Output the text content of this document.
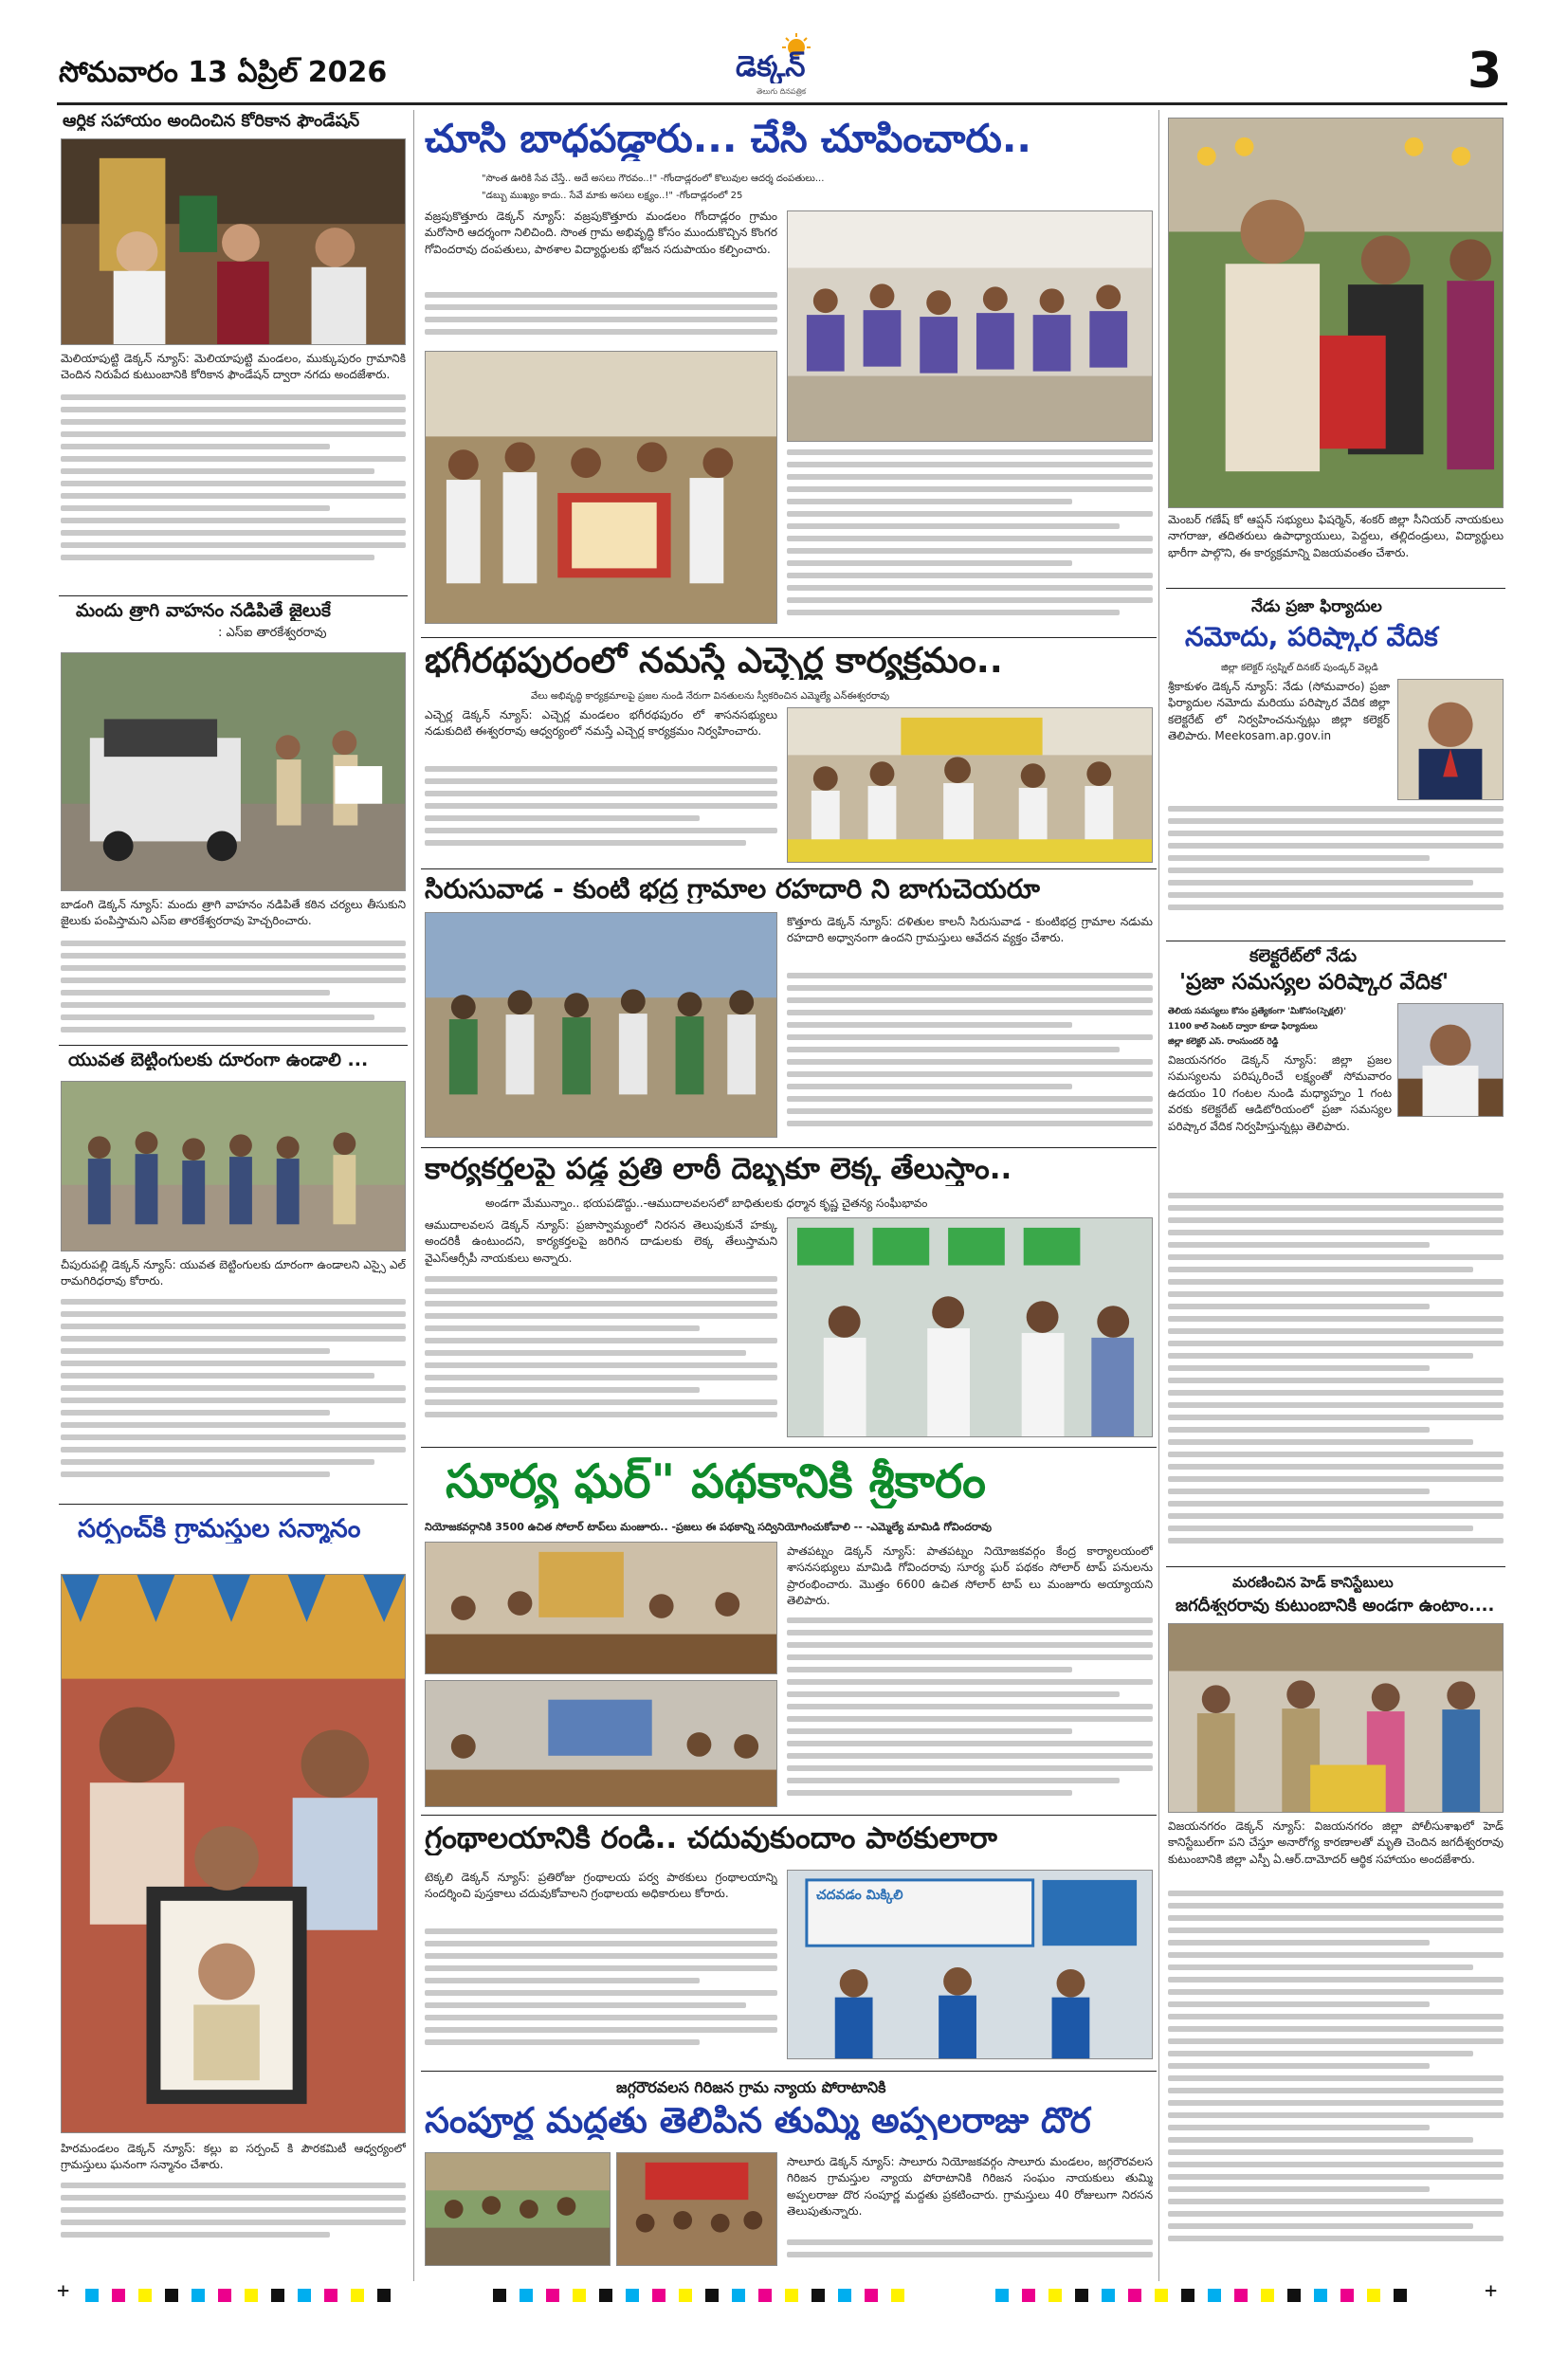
సోమవారం 13 ఏప్రిల్ 2026	డెక్కన్
తెలుగు దినపత్రిక	3
ఆర్థిక సహాయం అందించిన కోరికాన ఫౌండేషన్
మెలియాపుట్టి డెక్కన్ న్యూస్: మెలియాపుట్టి మండలం, ముక్కుపురం గ్రామానికి చెందిన నిరుపేద కుటుంబానికి కోరికాన ఫౌండేషన్ ద్వారా నగదు అందజేశారు.
మందు త్రాగి వాహనం నడిపితే జైలుకే
: ఎస్ఐ తారకేశ్వరరావు
బాడంగి డెక్కన్ న్యూస్: మందు త్రాగి వాహనం నడిపితే కఠిన చర్యలు తీసుకుని జైలుకు పంపిస్తామని ఎస్ఐ తారకేశ్వరరావు హెచ్చరించారు.
యువత బెట్టింగులకు దూరంగా ఉండాలి ...
చీపురుపల్లి డెక్కన్ న్యూస్: యువత బెట్టింగులకు దూరంగా ఉండాలని ఎస్సై ఎల్ రామగిరిధరావు కోరారు.
సర్పంచ్‌కి గ్రామస్తుల సన్మానం
హిరమండలం డెక్కన్ న్యూస్: కల్లు ఐ సర్పంచ్ కి పౌరకమిటీ ఆధ్వర్యంలో గ్రామస్తులు ఘనంగా సన్మానం చేశారు.
చూసి బాధపడ్డారు... చేసి చూపించారు..
"సొంత ఊరికి సేవ చేస్తే.. అదే అసలు గౌరవం..!" -గోందాడ్లరంలో కొలువుల ఆదర్శ దంపతులు...
"డబ్బు ముఖ్యం కాదు.. సేవే మాకు అసలు లక్ష్యం..!" -గోందాడ్లరంలో 25
వజ్రపుకొత్తూరు డెక్కన్ న్యూస్: వజ్రపుకొత్తూరు మండలం గోందాడ్లరం గ్రామం మరోసారి ఆదర్శంగా నిలిచింది. సొంత గ్రామ అభివృద్ధి కోసం ముందుకొచ్చిన కొంగర గోవిందరావు దంపతులు, పాఠశాల విద్యార్థులకు భోజన సదుపాయం కల్పించారు.
భగీరథపురంలో నమస్తే ఎచ్చెర్ల కార్యక్రమం..
వేలు అభివృద్ధి కార్యక్రమాలపై ప్రజల నుండి నేరుగా వినతులను స్వీకరించిన ఎమ్మెల్యే ఎన్ఈశ్వరరావు
ఎచ్చెర్ల డెక్కన్ న్యూస్: ఎచ్చెర్ల మండలం భగీరథపురం లో శాసనసభ్యులు నడుకుదిటి ఈశ్వరరావు ఆధ్వర్యంలో నమస్తే ఎచ్చెర్ల కార్యక్రమం నిర్వహించారు.
సిరుసువాడ - కుంటి భద్ర గ్రామాల రహదారి ని బాగుచెయరూ
కొత్తూరు డెక్కన్ న్యూస్: దళితుల కాలనీ సిరుసువాడ - కుంటిభద్ర గ్రామాల నడుమ రహదారి అధ్వానంగా ఉందని గ్రామస్తులు ఆవేదన వ్యక్తం చేశారు.
కార్యకర్తలపై పడ్డ ప్రతి లాఠీ దెబ్బకూ లెక్క తేలుస్తాం..
అండగా మేమున్నాం.. భయపడొద్దు..-ఆముదాలవలసలో బాధితులకు ధర్మాన కృష్ణ చైతన్య సంఘీభావం
ఆముదాలవలస డెక్కన్ న్యూస్: ప్రజాస్వామ్యంలో నిరసన తెలుపుకునే హక్కు అందరికీ ఉంటుందని, కార్యకర్తలపై జరిగిన దాడులకు లెక్క తేలుస్తామని వైఎస్ఆర్సీపీ నాయకులు అన్నారు.
సూర్య ఘర్" పథకానికి శ్రీకారం
నియోజకవర్గానికి 3500 ఉచిత సోలార్ టాప్‌లు మంజూరు.. -ప్రజలు ఈ పథకాన్ని సద్వినియోగించుకోవాలి -- -ఎమ్మెల్యే మామిడి గోవిందరావు
పాతపట్నం డెక్కన్ న్యూస్: పాతపట్నం నియోజకవర్గం కేంద్ర కార్యాలయంలో శాసనసభ్యులు మామిడి గోవిందరావు సూర్య ఘర్ పథకం సోలార్ టాప్ పనులను ప్రారంభించారు. మొత్తం 6600 ఉచిత సోలార్ టాప్ లు మంజూరు అయ్యాయని తెలిపారు.
గ్రంథాలయానికి రండి.. చదువుకుందాం పాఠకులారా
టెక్కలి డెక్కన్ న్యూస్: ప్రతిరోజు గ్రంథాలయ పర్వ పాఠకులు గ్రంథాలయాన్ని సందర్శించి పుస్తకాలు చదువుకోవాలని గ్రంథాలయ అధికారులు కోరారు.	చదవడం మిక్కిలి
జగ్గరౌరవలస గిరిజన గ్రామ న్యాయ పోరాటానికి
సంపూర్ణ మద్దతు తెలిపిన తుమ్మి అప్పలరాజు దొర
సాలూరు డెక్కన్ న్యూస్: సాలూరు నియోజకవర్గం సాలూరు మండలం, జగ్గరౌరవలస గిరిజన గ్రామస్తుల న్యాయ పోరాటానికి గిరిజన సంఘం నాయకులు తుమ్మి అప్పలరాజు దొర సంపూర్ణ మద్దతు ప్రకటించారు. గ్రామస్తులు 40 రోజులుగా నిరసన తెలుపుతున్నారు.
మెంబర్ గణేష్ కో ఆప్షన్ సభ్యులు ఫిషర్మెన్, శంకర్ జిల్లా సీనియర్ నాయకులు నాగరాజు, తదితరులు ఉపాధ్యాయులు, పెద్దలు, తల్లిదండ్రులు, విద్యార్థులు భారీగా పాల్గొని, ఈ కార్యక్రమాన్ని విజయవంతం చేశారు.
నేడు ప్రజా ఫిర్యాదుల
నమోదు, పరిష్కార వేదిక
జిల్లా కలెక్టర్ స్వప్నిల్ దినకర్ పుండ్కర్ వెల్లడి
శ్రీకాకుళం డెక్కన్ న్యూస్: నేడు (సోమవారం) ప్రజా ఫిర్యాదుల నమోదు మరియు పరిష్కార వేదిక జిల్లా కలెక్టరేట్ లో నిర్వహించనున్నట్లు జిల్లా కలెక్టర్ తెలిపారు. Meekosam.ap.gov.in
కలెక్టరేట్‌లో నేడు
'ప్రజా సమస్యల పరిష్కార వేదిక'
తెలియ సమస్యలు కోసం ప్రత్యేకంగా 'మీకోసం(స్పెక్షల్)'
1100 కాల్ సెంటర్ ద్వారా కూడా ఫిర్యాదులు
జిల్లా కలెక్టర్ ఎస్. రాంసుందర్ రెడ్డి
విజయనగరం డెక్కన్ న్యూస్: జిల్లా ప్రజల సమస్యలను పరిష్కరించే లక్ష్యంతో సోమవారం ఉదయం 10 గంటల నుండి మధ్యాహ్నం 1 గంట వరకు కలెక్టరేట్ ఆడిటోరియంలో ప్రజా సమస్యల పరిష్కార వేదిక నిర్వహిస్తున్నట్లు తెలిపారు.
మరణించిన హెడ్ కానిస్టేబులు
జగదీశ్వరరావు కుటుంబానికి అండగా ఉంటాం....
విజయనగరం డెక్కన్ న్యూస్: విజయనగరం జిల్లా పోలీసుశాఖలో హెడ్ కానిస్టేబుల్‌గా పని చేస్తూ అనారోగ్య కారణాలతో మృతి చెందిన జగదీశ్వరరావు కుటుంబానికి జిల్లా ఎస్పీ ఏ.ఆర్.దామోదర్ ఆర్థిక సహాయం అందజేశారు.
+	+
